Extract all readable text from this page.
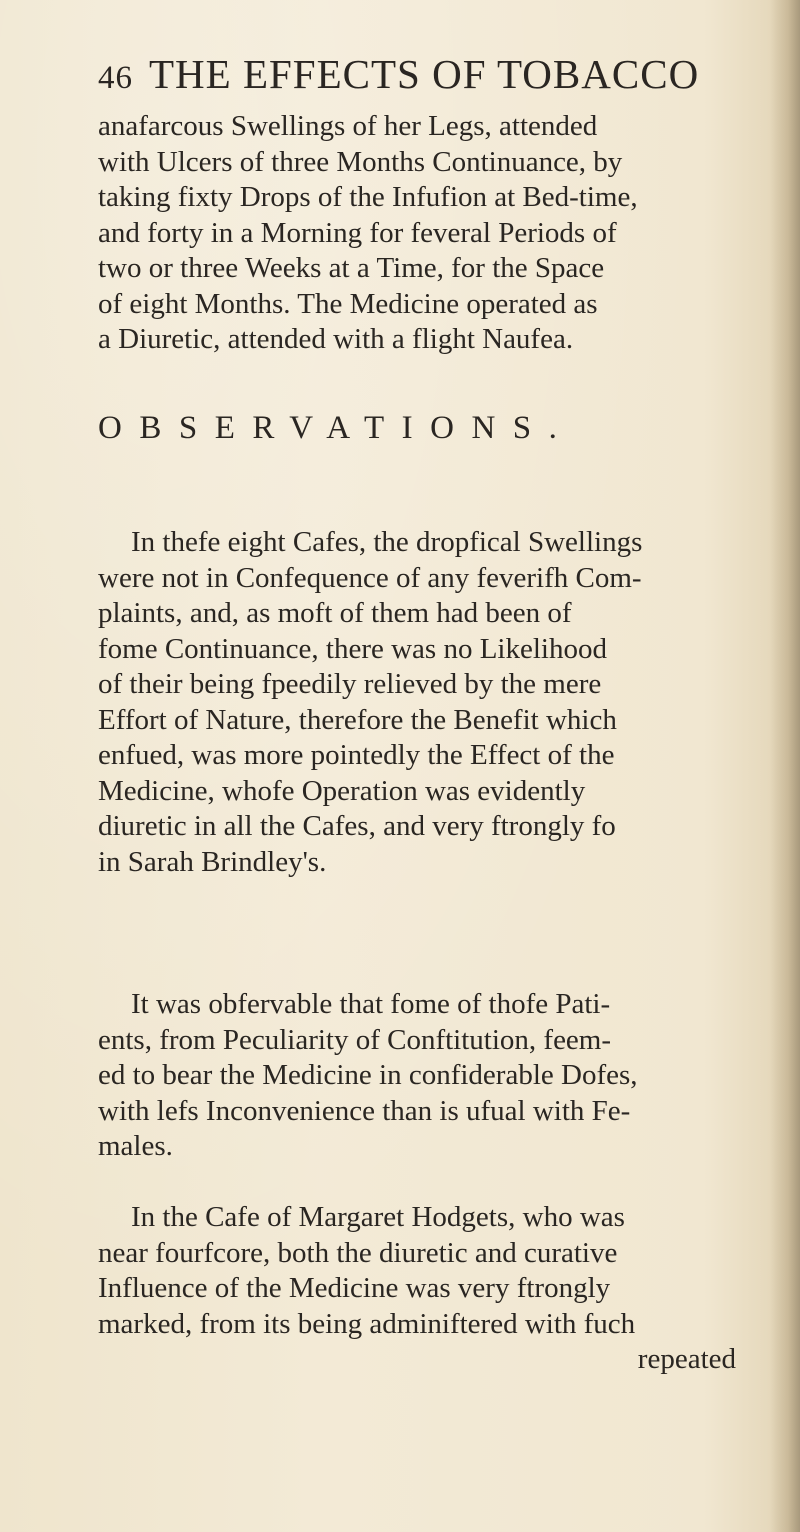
46 THE EFFECTS OF TOBACCO
anafarcous Swellings of her Legs, attended
with Ulcers of three Months Continuance, by
taking fixty Drops of the Infufion at Bed-time,
and forty in a Morning for feveral Periods of
two or three Weeks at a Time, for the Space
of eight Months. The Medicine operated as
a Diuretic, attended with a flight Naufea.
OBSERVATIONS.
In thefe eight Cafes, the dropfical Swellings
were not in Confequence of any feverifh Com-
plaints, and, as moft of them had been of
fome Continuance, there was no Likelihood
of their being fpeedily relieved by the mere
Effort of Nature, therefore the Benefit which
enfued, was more pointedly the Effect of the
Medicine, whofe Operation was evidently
diuretic in all the Cafes, and very ftrongly fo
in Sarah Brindley's.
It was obfervable that fome of thofe Pati-
ents, from Peculiarity of Conftitution, feem-
ed to bear the Medicine in confiderable Dofes,
with lefs Inconvenience than is ufual with Fe-
males.
In the Cafe of Margaret Hodgets, who was
near fourfcore, both the diuretic and curative
Influence of the Medicine was very ftrongly
marked, from its being adminiftered with fuch
repeated
